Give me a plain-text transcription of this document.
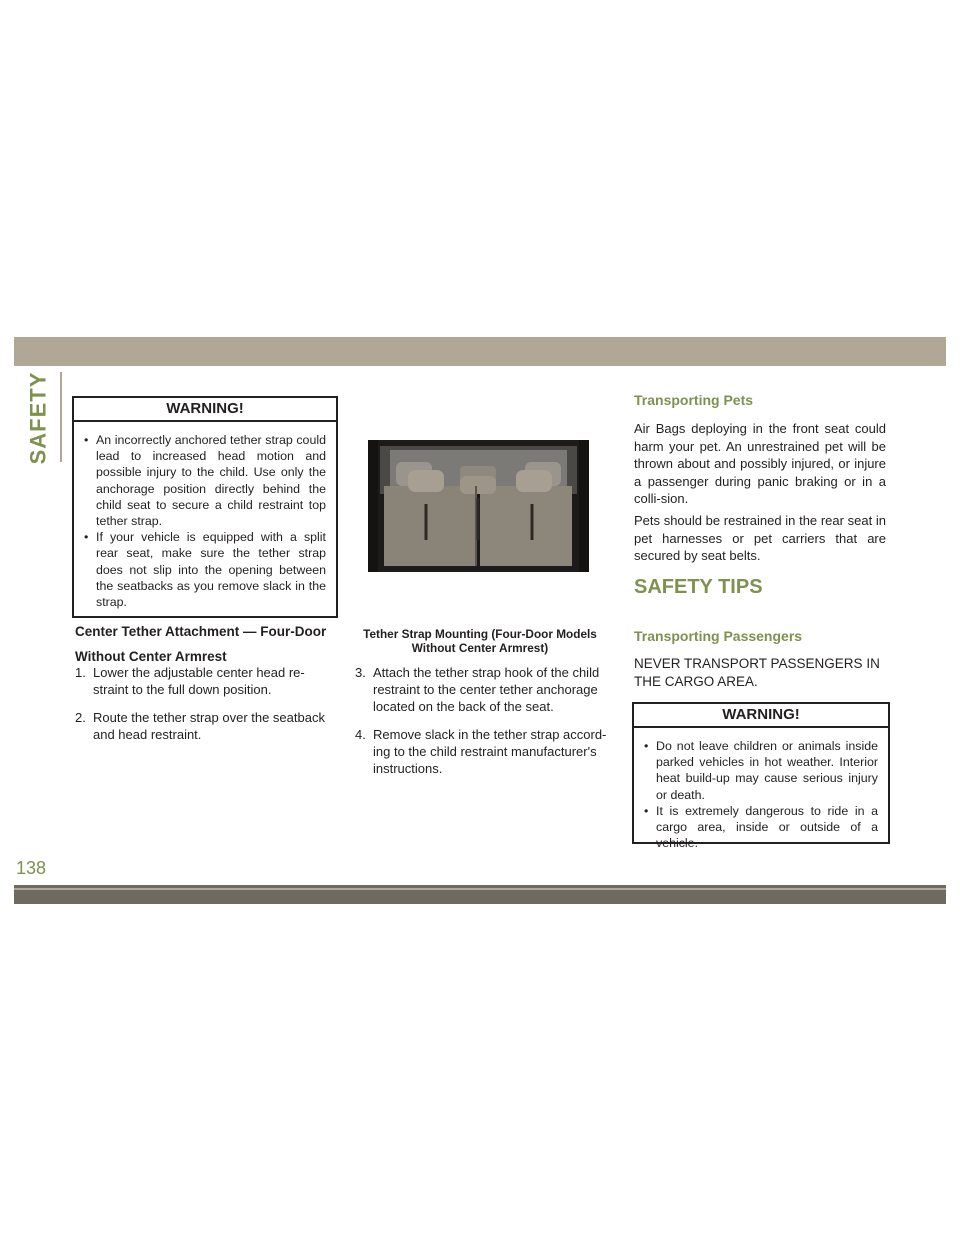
SAFETY	WARNING!
• An incorrectly anchored tether strap could lead to increased head motion and possible injury to the child. Use only the anchorage position directly behind the child seat to secure a child restraint top tether strap.
• If your vehicle is equipped with a split rear seat, make sure the tether strap does not slip into the opening between the seatbacks as you remove slack in the strap.
Center Tether Attachment — Four-Door
Without Center Armrest
1. Lower the adjustable center head re-straint to the full down position.
2. Route the tether strap over the seatback and head restraint.
Tether Strap Mounting (Four-Door Models
Without Center Armrest)
3. Attach the tether strap hook of the child restraint to the center tether anchorage located on the back of the seat.
4. Remove slack in the tether strap accord-ing to the child restraint manufacturer's instructions.
Transporting Pets
Air Bags deploying in the front seat could harm your pet. An unrestrained pet will be thrown about and possibly injured, or injure a passenger during panic braking or in a colli-sion.
Pets should be restrained in the rear seat in pet harnesses or pet carriers that are secured by seat belts.
SAFETY TIPS
Transporting Passengers
NEVER TRANSPORT PASSENGERS IN THE CARGO AREA.
WARNING!
• Do not leave children or animals inside parked vehicles in hot weather. Interior heat build-up may cause serious injury or death.
• It is extremely dangerous to ride in a cargo area, inside or outside of a vehicle.
138
